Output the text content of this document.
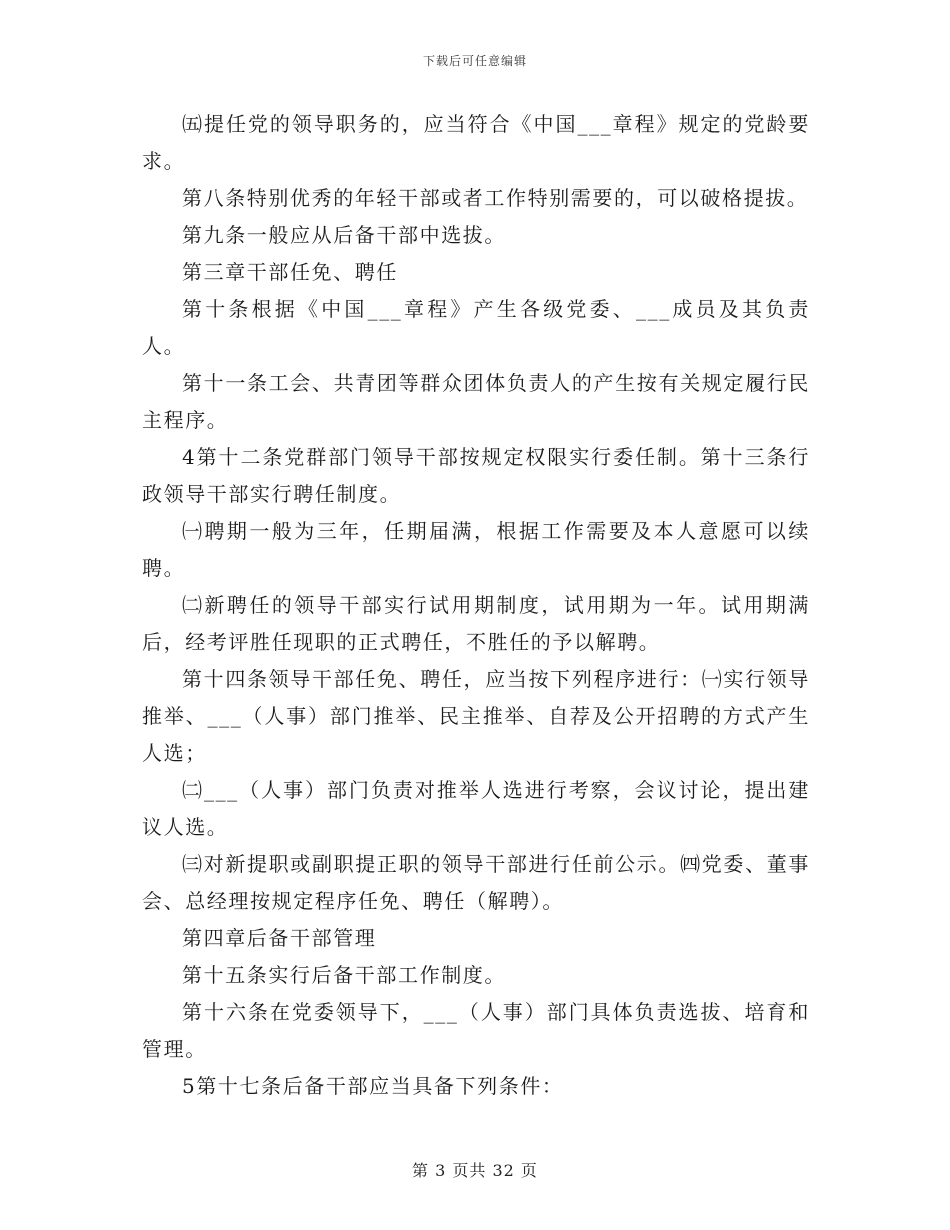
下载后可任意编辑

㈤提任党的领导职务的，应当符合《中国___章程》规定的党龄要求。

第八条特别优秀的年轻干部或者工作特别需要的，可以破格提拔。

第九条一般应从后备干部中选拔。

第三章干部任免、聘任

第十条根据《中国___章程》产生各级党委、___成员及其负责人。

第十一条工会、共青团等群众团体负责人的产生按有关规定履行民主程序。

4第十二条党群部门领导干部按规定权限实行委任制。第十三条行政领导干部实行聘任制度。

㈠聘期一般为三年，任期届满，根据工作需要及本人意愿可以续聘。

㈡新聘任的领导干部实行试用期制度，试用期为一年。试用期满后，经考评胜任现职的正式聘任，不胜任的予以解聘。

第十四条领导干部任免、聘任，应当按下列程序进行：㈠实行领导推举、___（人事）部门推举、民主推举、自荐及公开招聘的方式产生人选；

㈡___（人事）部门负责对推举人选进行考察，会议讨论，提出建议人选。

㈢对新提职或副职提正职的领导干部进行任前公示。㈣党委、董事会、总经理按规定程序任免、聘任（解聘）。

第四章后备干部管理

第十五条实行后备干部工作制度。

第十六条在党委领导下，___（人事）部门具体负责选拔、培育和管理。

5第十七条后备干部应当具备下列条件：

第 3 页共 32 页
